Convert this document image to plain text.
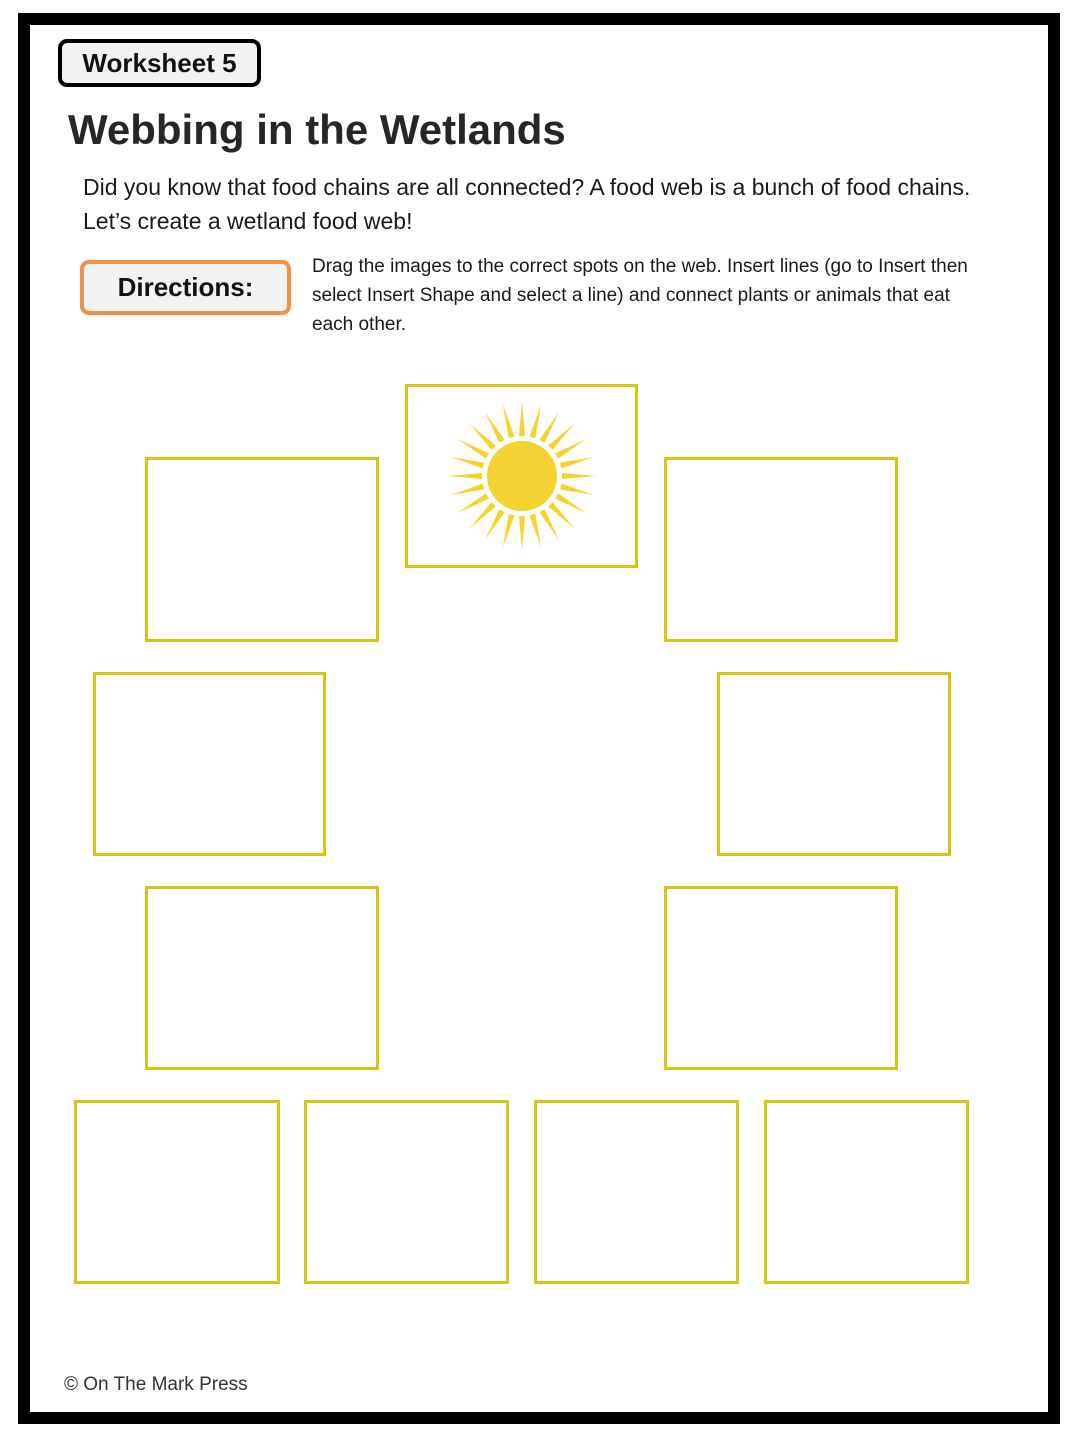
Worksheet 5
Webbing in the Wetlands
Did you know that food chains are all connected? A food web is a bunch of food chains. Let’s create a wetland food web!
Directions:
Drag the images to the correct spots on the web. Insert lines (go to Insert then select Insert Shape and select a line) and connect plants or animals that eat each other.
© On The Mark Press
